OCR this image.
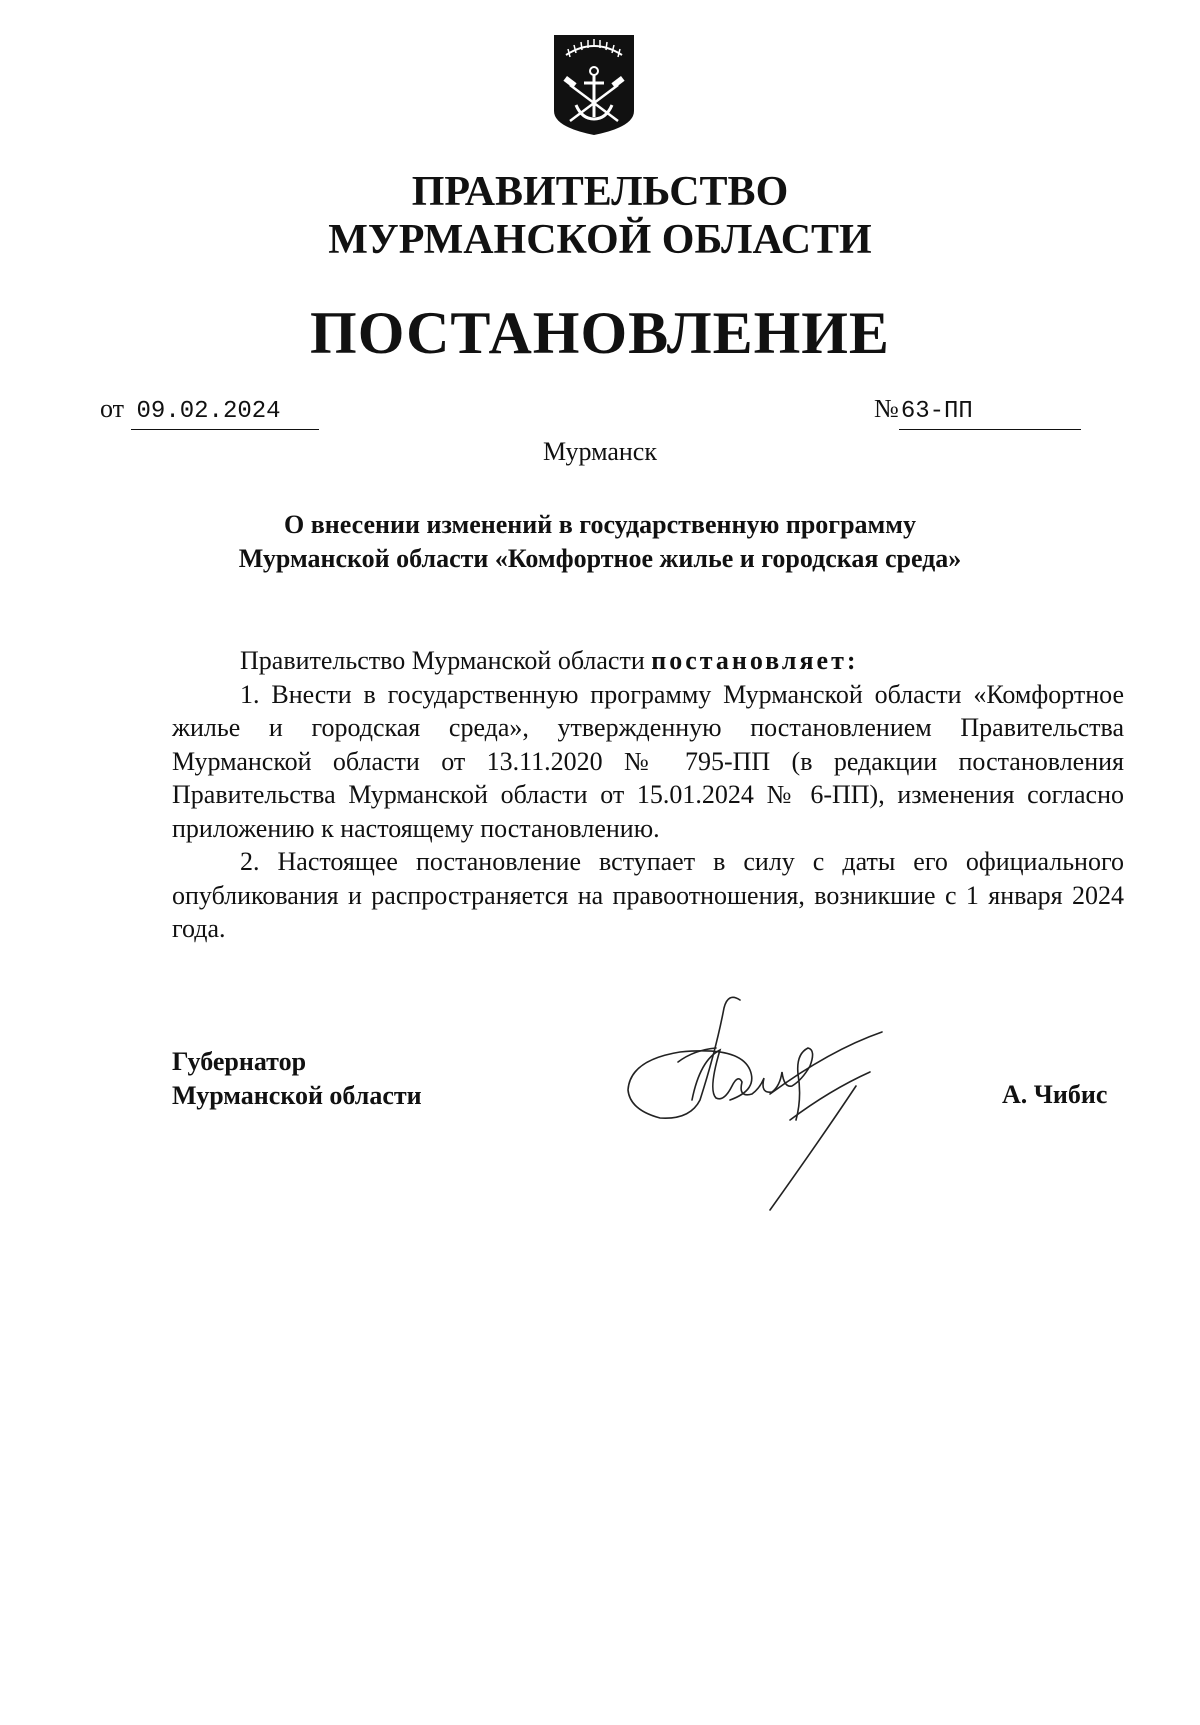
ПРАВИТЕЛЬСТВО
МУРМАНСКОЙ ОБЛАСТИ
ПОСТАНОВЛЕНИЕ
от 09.02.2024	№63-ПП
Мурманск
О внесении изменений в государственную программу
Мурманской области «Комфортное жилье и городская среда»

Правительство Мурманской области постановляет:

1. Внести в государственную программу Мурманской области «Комфортное жилье и городская среда», утвержденную постановлением Правительства Мурманской области от 13.11.2020 № 795-ПП (в редакции постановления Правительства Мурманской области от 15.01.2024 № 6-ПП), изменения согласно приложению к настоящему постановлению.

2. Настоящее постановление вступает в силу с даты его официального опубликования и распространяется на правоотношения, возникшие с 1 января 2024 года.

Губернатор
Мурманской области	А. Чибис
